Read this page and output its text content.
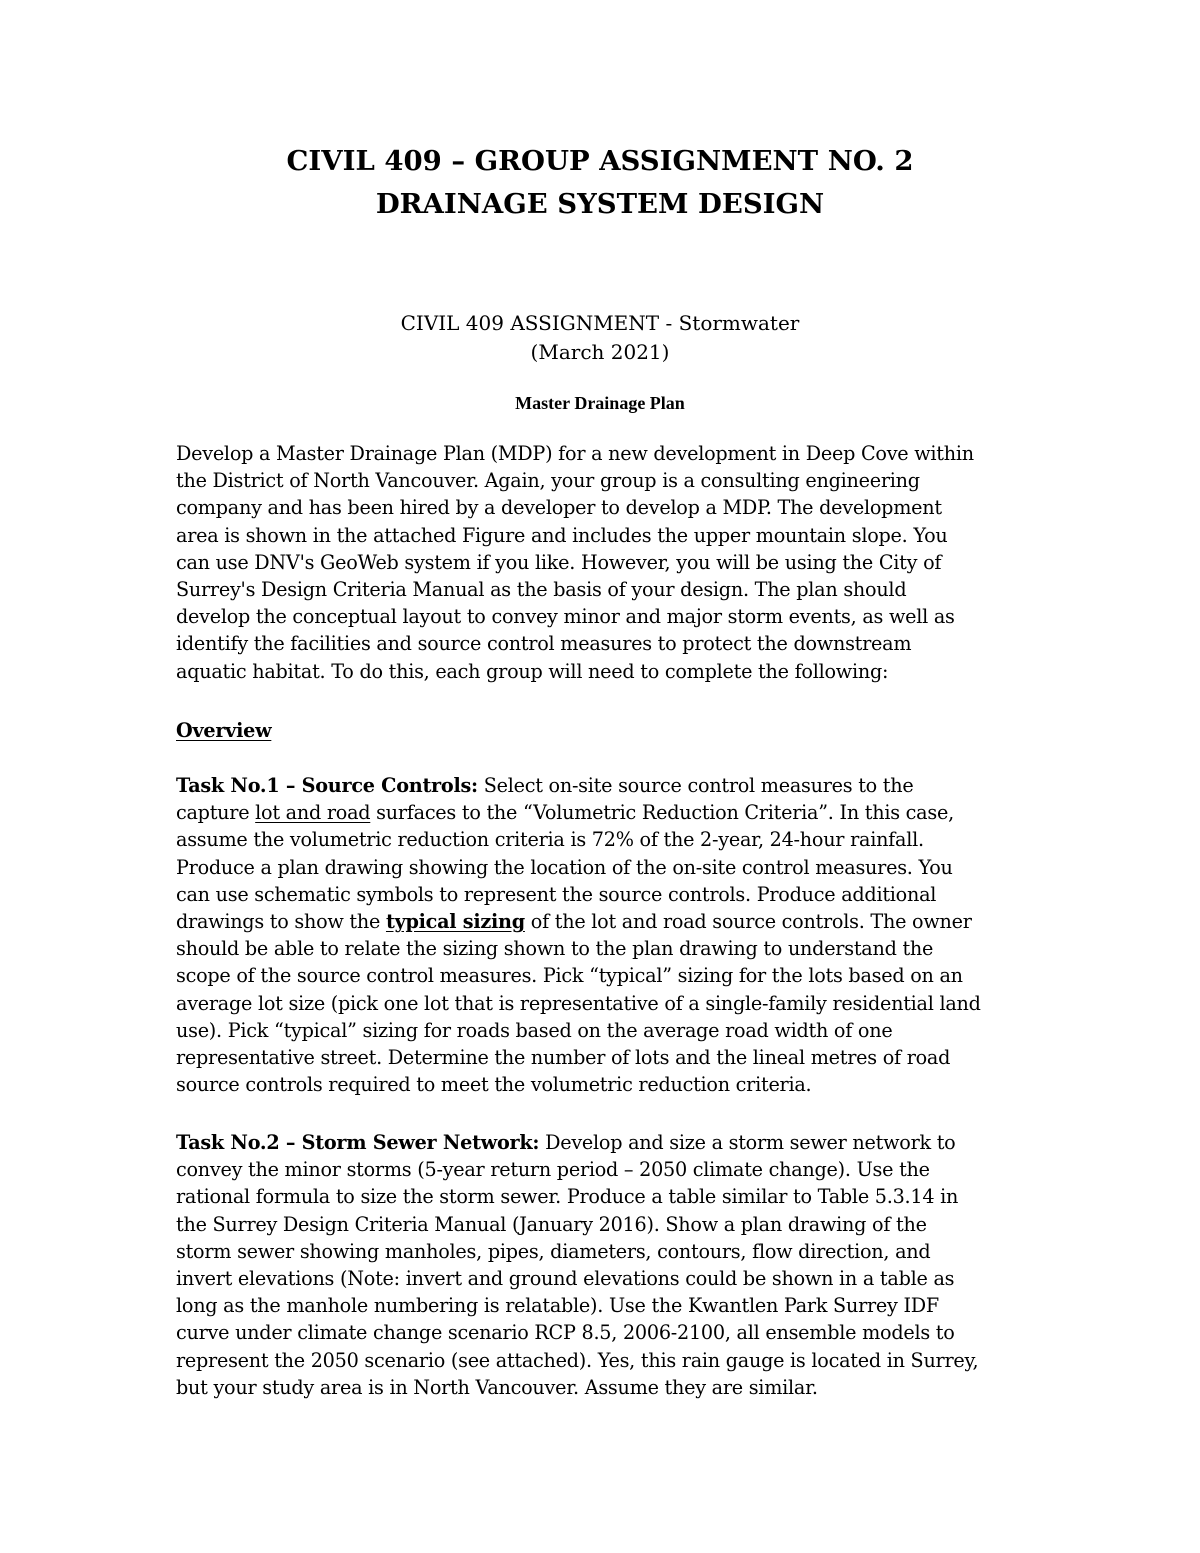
CIVIL 409 – GROUP ASSIGNMENT NO. 2
DRAINAGE SYSTEM DESIGN
CIVIL 409 ASSIGNMENT - Stormwater
(March 2021)
Master Drainage Plan
Develop a Master Drainage Plan (MDP) for a new development in Deep Cove within
the District of North Vancouver. Again, your group is a consulting engineering
company and has been hired by a developer to develop a MDP. The development
area is shown in the attached Figure and includes the upper mountain slope. You
can use DNV's GeoWeb system if you like. However, you will be using the City of
Surrey's Design Criteria Manual as the basis of your design. The plan should
develop the conceptual layout to convey minor and major storm events, as well as
identify the facilities and source control measures to protect the downstream
aquatic habitat. To do this, each group will need to complete the following:
Overview
Task No.1 – Source Controls: Select on-site source control measures to the
capture lot and road surfaces to the “Volumetric Reduction Criteria”. In this case,
assume the volumetric reduction criteria is 72% of the 2-year, 24-hour rainfall.
Produce a plan drawing showing the location of the on-site control measures. You
can use schematic symbols to represent the source controls. Produce additional
drawings to show the typical sizing of the lot and road source controls. The owner
should be able to relate the sizing shown to the plan drawing to understand the
scope of the source control measures. Pick “typical” sizing for the lots based on an
average lot size (pick one lot that is representative of a single-family residential land
use). Pick “typical” sizing for roads based on the average road width of one
representative street. Determine the number of lots and the lineal metres of road
source controls required to meet the volumetric reduction criteria.
Task No.2 – Storm Sewer Network: Develop and size a storm sewer network to
convey the minor storms (5-year return period – 2050 climate change). Use the
rational formula to size the storm sewer. Produce a table similar to Table 5.3.14 in
the Surrey Design Criteria Manual (January 2016). Show a plan drawing of the
storm sewer showing manholes, pipes, diameters, contours, flow direction, and
invert elevations (Note: invert and ground elevations could be shown in a table as
long as the manhole numbering is relatable). Use the Kwantlen Park Surrey IDF
curve under climate change scenario RCP 8.5, 2006-2100, all ensemble models to
represent the 2050 scenario (see attached). Yes, this rain gauge is located in Surrey,
but your study area is in North Vancouver. Assume they are similar.
